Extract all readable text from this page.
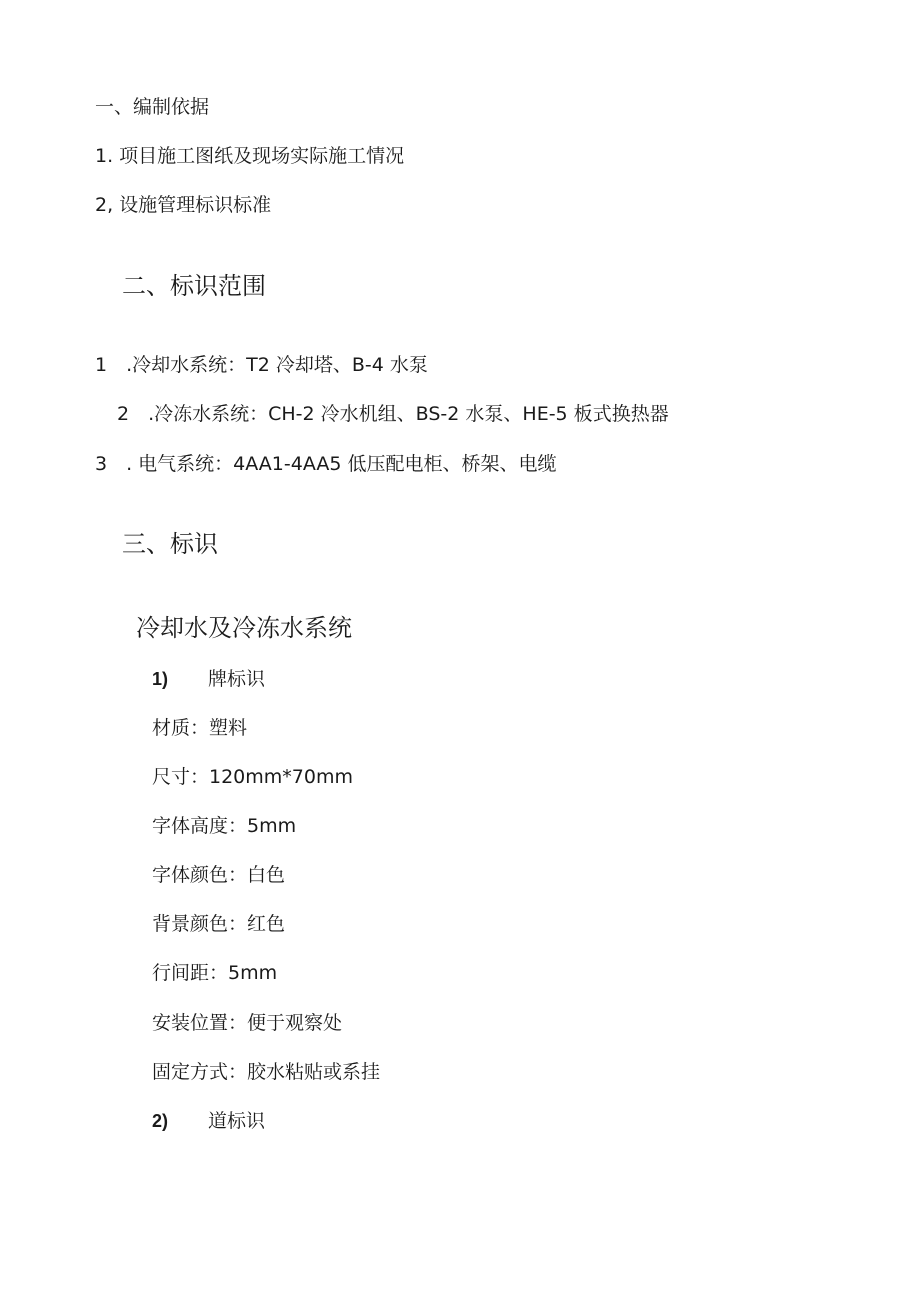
一、编制依据
1. 项目施工图纸及现场实际施工情况
2, 设施管理标识标准
二、标识范围
1　.冷却水系统：T2 冷却塔、B-4 水泵
2　.冷冻水系统：CH-2 冷水机组、BS-2 水泵、HE-5 板式换热器
3　. 电气系统：4AA1-4AA5 低压配电柜、桥架、电缆
三、标识
冷却水及冷冻水系统
1) 牌标识
材质：塑料
尺寸：120mm*70mm
字体高度：5mm
字体颜色：白色
背景颜色：红色
行间距：5mm
安装位置：便于观察处
固定方式：胶水粘贴或系挂
2) 道标识
